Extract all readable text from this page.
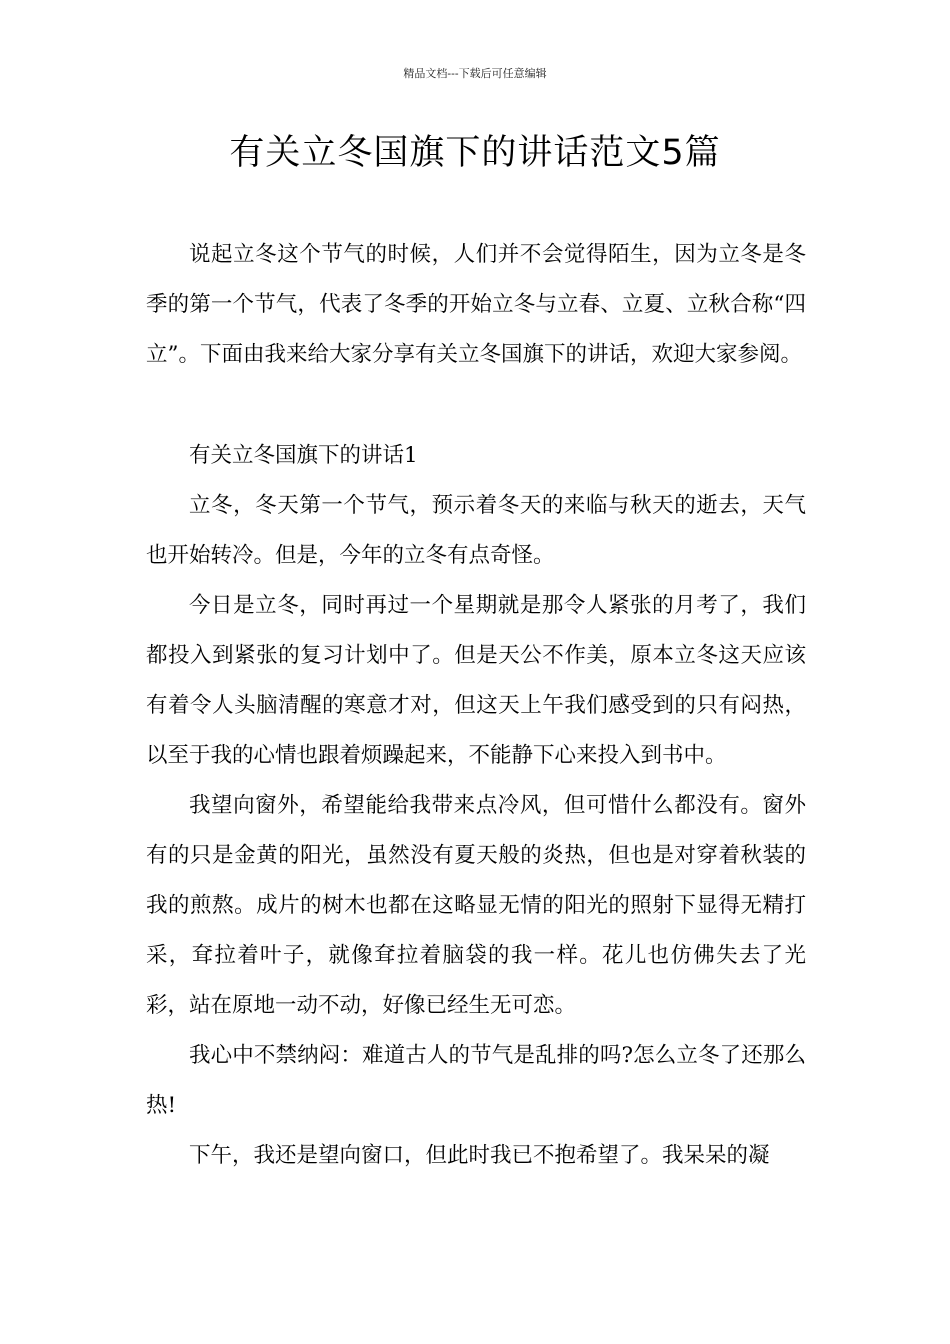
精品文档---下载后可任意编辑
有关立冬国旗下的讲话范文5篇

说起立冬这个节气的时候，人们并不会觉得陌生，因为立冬是冬季的第一个节气，代表了冬季的开始立冬与立春、立夏、立秋合称“四立”。下面由我来给大家分享有关立冬国旗下的讲话，欢迎大家参阅。

有关立冬国旗下的讲话1

立冬，冬天第一个节气，预示着冬天的来临与秋天的逝去，天气也开始转冷。但是，今年的立冬有点奇怪。

今日是立冬，同时再过一个星期就是那令人紧张的月考了，我们都投入到紧张的复习计划中了。但是天公不作美，原本立冬这天应该有着令人头脑清醒的寒意才对，但这天上午我们感受到的只有闷热，以至于我的心情也跟着烦躁起来，不能静下心来投入到书中。

我望向窗外，希望能给我带来点冷风，但可惜什么都没有。窗外有的只是金黄的阳光，虽然没有夏天般的炎热，但也是对穿着秋装的我的煎熬。成片的树木也都在这略显无情的阳光的照射下显得无精打采，耷拉着叶子，就像耷拉着脑袋的我一样。花儿也仿佛失去了光彩，站在原地一动不动，好像已经生无可恋。

我心中不禁纳闷：难道古人的节气是乱排的吗?怎么立冬了还那么热!

下午，我还是望向窗口，但此时我已不抱希望了。我呆呆的凝
